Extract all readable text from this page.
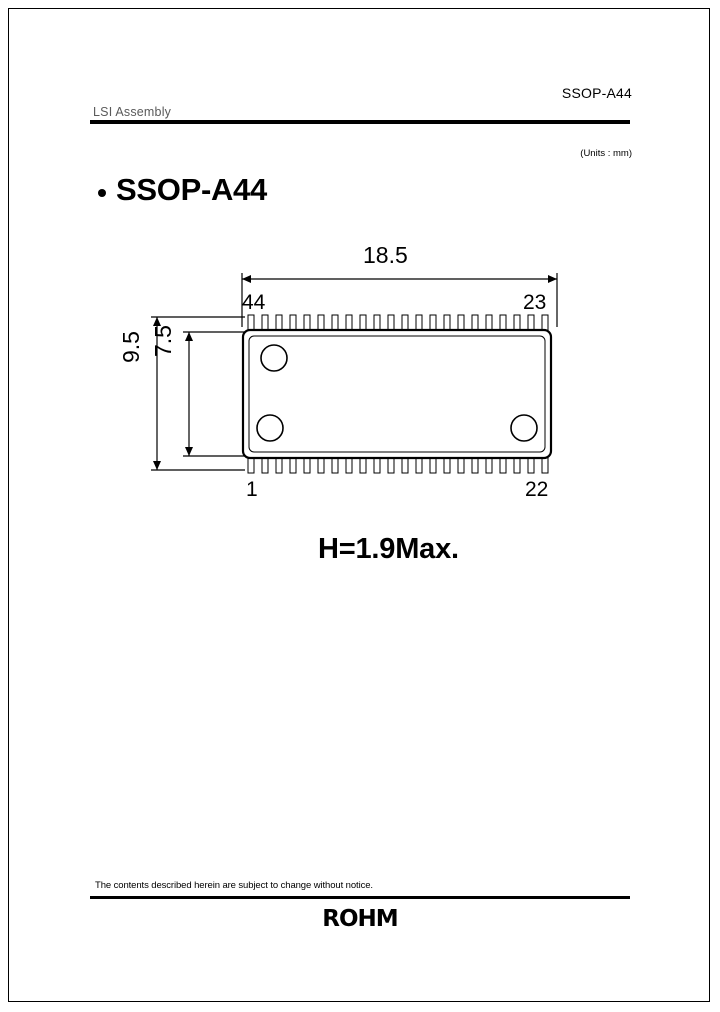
SSOP-A44
LSI Assembly
(Units : mm)
SSOP-A44
18.5
9.5 7.5
44	23
1	22
H=1.9Max.
The contents described herein are subject to change without notice.
ROHM
